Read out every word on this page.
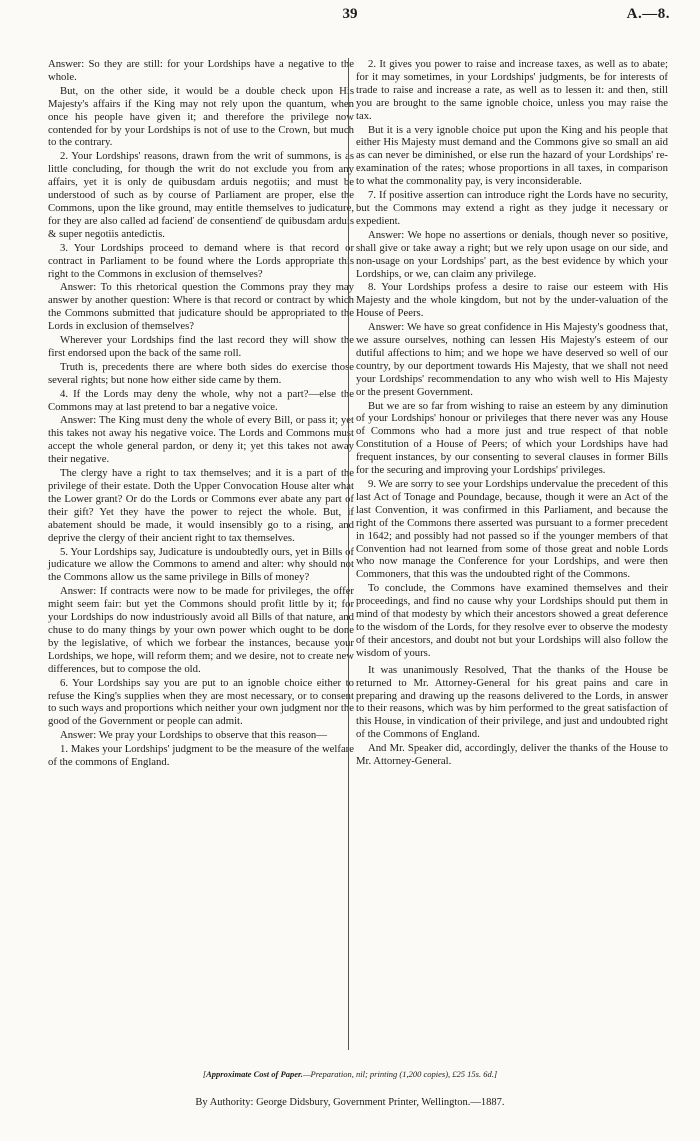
39	A.—8.

Answer: So they are still: for your Lordships have a negative to the whole.

But, on the other side, it would be a double check upon His Majesty's affairs if the King may not rely upon the quantum, when once his people have given it; and therefore the privilege now contended for by your Lordships is not of use to the Crown, but much to the contrary.

2. Your Lordships' reasons, drawn from the writ of summons, is as little concluding, for though the writ do not exclude you from any affairs, yet it is only de quibusdam arduis negotiis; and must be understood of such as by course of Parliament are proper, else the Commons, upon the like ground, may entitle themselves to judicature, for they are also called ad facienď de consentienď de quibusdam arduis & super negotiis antedictis.

3. Your Lordships proceed to demand where is that record or contract in Parliament to be found where the Lords appropriate this right to the Commons in exclusion of themselves?

Answer: To this rhetorical question the Commons pray they may answer by another question: Where is that record or contract by which the Commons submitted that judicature should be appropriated to the Lords in exclusion of themselves?

Wherever your Lordships find the last record they will show the first endorsed upon the back of the same roll.

Truth is, precedents there are where both sides do exercise those several rights; but none how either side came by them.

4. If the Lords may deny the whole, why not a part?—else the Commons may at last pretend to bar a negative voice.

Answer: The King must deny the whole of every Bill, or pass it; yet this takes not away his negative voice. The Lords and Commons must accept the whole general pardon, or deny it; yet this takes not away their negative.

The clergy have a right to tax themselves; and it is a part of the privilege of their estate. Doth the Upper Convocation House alter what the Lower grant? Or do the Lords or Commons ever abate any part of their gift? Yet they have the power to reject the whole. But, if abatement should be made, it would insensibly go to a rising, and deprive the clergy of their ancient right to tax themselves.

5. Your Lordships say, Judicature is undoubtedly ours, yet in Bills of judicature we allow the Commons to amend and alter: why should not the Commons allow us the same privilege in Bills of money?

Answer: If contracts were now to be made for privileges, the offer might seem fair: but yet the Commons should profit little by it; for your Lordships do now industriously avoid all Bills of that nature, and chuse to do many things by your own power which ought to be done by the legislative, of which we forbear the instances, because your Lordships, we hope, will reform them; and we desire, not to create new differences, but to compose the old.

6. Your Lordships say you are put to an ignoble choice either to refuse the King's supplies when they are most necessary, or to consent to such ways and proportions which neither your own judgment nor the good of the Government or people can admit.

Answer: We pray your Lordships to observe that this reason—

1. Makes your Lordships' judgment to be the measure of the welfare of the commons of England.

2. It gives you power to raise and increase taxes, as well as to abate; for it may sometimes, in your Lordships' judgments, be for interests of trade to raise and increase a rate, as well as to lessen it: and then, still you are brought to the same ignoble choice, unless you may raise the tax.

But it is a very ignoble choice put upon the King and his people that either His Majesty must demand and the Commons give so small an aid as can never be diminished, or else run the hazard of your Lordships' re-examination of the rates; whose proportions in all taxes, in comparison to what the commonality pay, is very inconsiderable.

7. If positive assertion can introduce right the Lords have no security, but the Commons may extend a right as they judge it necessary or expedient.

Answer: We hope no assertions or denials, though never so positive, shall give or take away a right; but we rely upon usage on our side, and non-usage on your Lordships' part, as the best evidence by which your Lordships, or we, can claim any privilege.

8. Your Lordships profess a desire to raise our esteem with His Majesty and the whole kingdom, but not by the under-valuation of the House of Peers.

Answer: We have so great confidence in His Majesty's goodness that, we assure ourselves, nothing can lessen His Majesty's esteem of our dutiful affections to him; and we hope we have deserved so well of our country, by our deportment towards His Majesty, that we shall not need your Lordships' recommendation to any who wish well to His Majesty or the present Government.

But we are so far from wishing to raise an esteem by any diminution of your Lordships' honour or privileges that there never was any House of Commons who had a more just and true respect of that noble Constitution of a House of Peers; of which your Lordships have had frequent instances, by our consenting to several clauses in former Bills for the securing and improving your Lordships' privileges.

9. We are sorry to see your Lordships undervalue the precedent of this last Act of Tonage and Poundage, because, though it were an Act of the last Convention, it was confirmed in this Parliament, and because the right of the Commons there asserted was pursuant to a former precedent in 1642; and possibly had not passed so if the younger members of that Convention had not learned from some of those great and noble Lords who now manage the Conference for your Lordships, and were then Commoners, that this was the undoubted right of the Commons.

To conclude, the Commons have examined themselves and their proceedings, and find no cause why your Lordships should put them in mind of that modesty by which their ancestors showed a great deference to the wisdom of the Lords, for they resolve ever to observe the modesty of their ancestors, and doubt not but your Lordships will also follow the wisdom of yours.

It was unanimously Resolved, That the thanks of the House be returned to Mr. Attorney-General for his great pains and care in preparing and drawing up the reasons delivered to the Lords, in answer to their reasons, which was by him performed to the great satisfaction of this House, in vindication of their privilege, and just and undoubted right of the Commons of England.

And Mr. Speaker did, accordingly, deliver the thanks of the House to Mr. Attorney-General.

[Approximate Cost of Paper.—Preparation, nil; printing (1,200 copies), £25 15s. 6d.]
By Authority: George Didsbury, Government Printer, Wellington.—1887.
